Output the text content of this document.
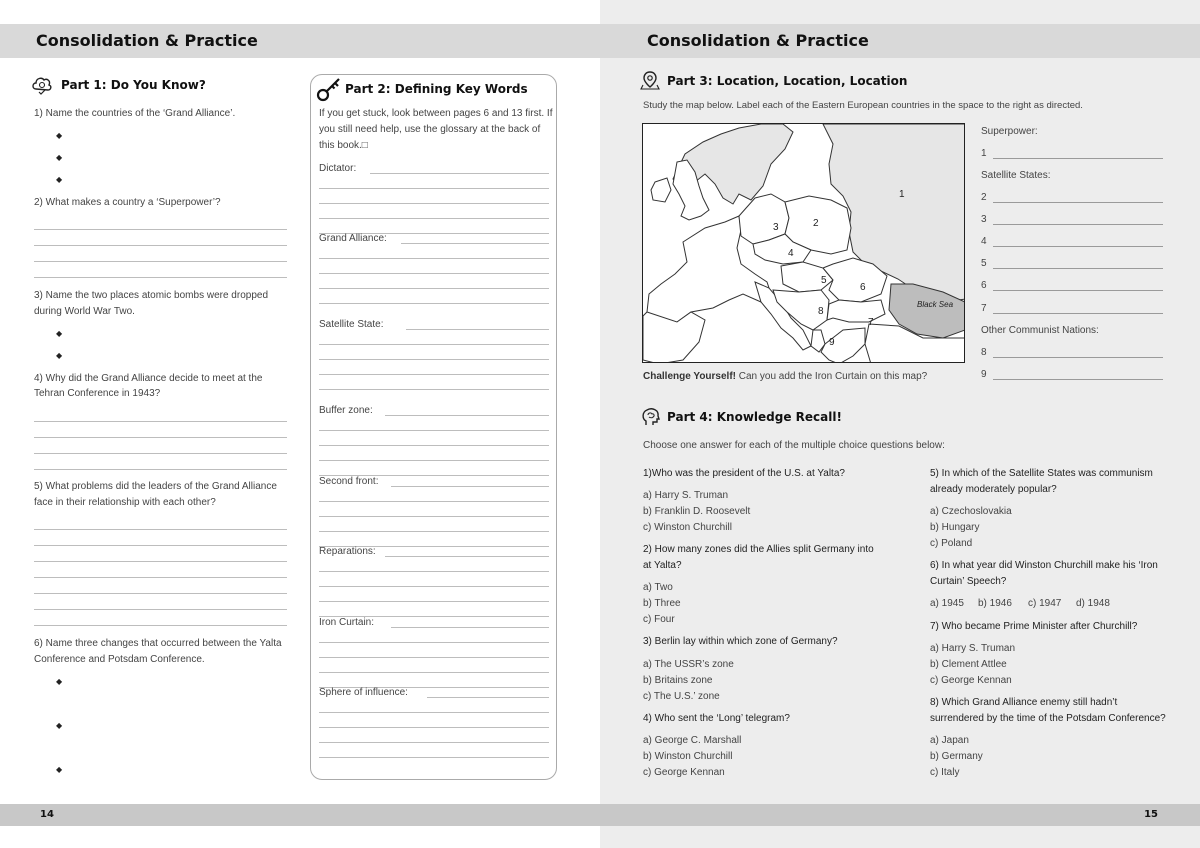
Consolidation & Practice
Part 1: Do You Know?
1) Name the countries of the ‘Grand Alliance’.
◆
◆
◆
2) What makes a country a ‘Superpower’?
3) Name the two places atomic bombs were dropped
during World War Two.
◆
◆
4) Why did the Grand Alliance decide to meet at the
Tehran Conference in 1943?
5) What problems did the leaders of the Grand Alliance
face in their relationship with each other?
6) Name three changes that occurred between the Yalta
Conference and Potsdam Conference.
◆
◆
◆
Part 2: Defining Key Words
If you get stuck, look between pages 6 and 13 first. If
you still need help, use the glossary at the back of
this book.□
Dictator:
Grand Alliance:
Satellite State:
Buffer zone:
Second front:
Reparations:
Iron Curtain:
Sphere of influence:
14
Consolidation & Practice
Part 3: Location, Location, Location
Study the map below. Label each of the Eastern European countries in the space to the right as directed.
1
2
3
4
5
6
7
8
9
Black Sea
Superpower:
Satellite States:
Other Communist Nations:
1
2
3
4
5
6
7
8
9
Challenge Yourself! Can you add the Iron Curtain on this map?
Part 4: Knowledge Recall!
Choose one answer for each of the multiple choice questions below:
1)Who was the president of the U.S. at Yalta?
a) Harry S. Truman
b) Franklin D. Roosevelt
c) Winston Churchill
2) How many zones did the Allies split Germany into
at Yalta?
a) Two
b) Three
c) Four
3) Berlin lay within which zone of Germany?
a) The USSR’s zone
b) Britains zone
c) The U.S.’ zone
4) Who sent the ‘Long’ telegram?
a) George C. Marshall
b) Winston Churchill
c) George Kennan
5) In which of the Satellite States was communism
already moderately popular?
a) Czechoslovakia
b) Hungary
c) Poland
6) In what year did Winston Churchill make his ‘Iron
Curtain’ Speech?
a) 1945 b) 1946 c) 1947 d) 1948
7) Who became Prime Minister after Churchill?
a) Harry S. Truman
b) Clement Attlee
c) George Kennan
8) Which Grand Alliance enemy still hadn’t
surrendered by the time of the Potsdam Conference?
a) Japan
b) Germany
c) Italy
15
